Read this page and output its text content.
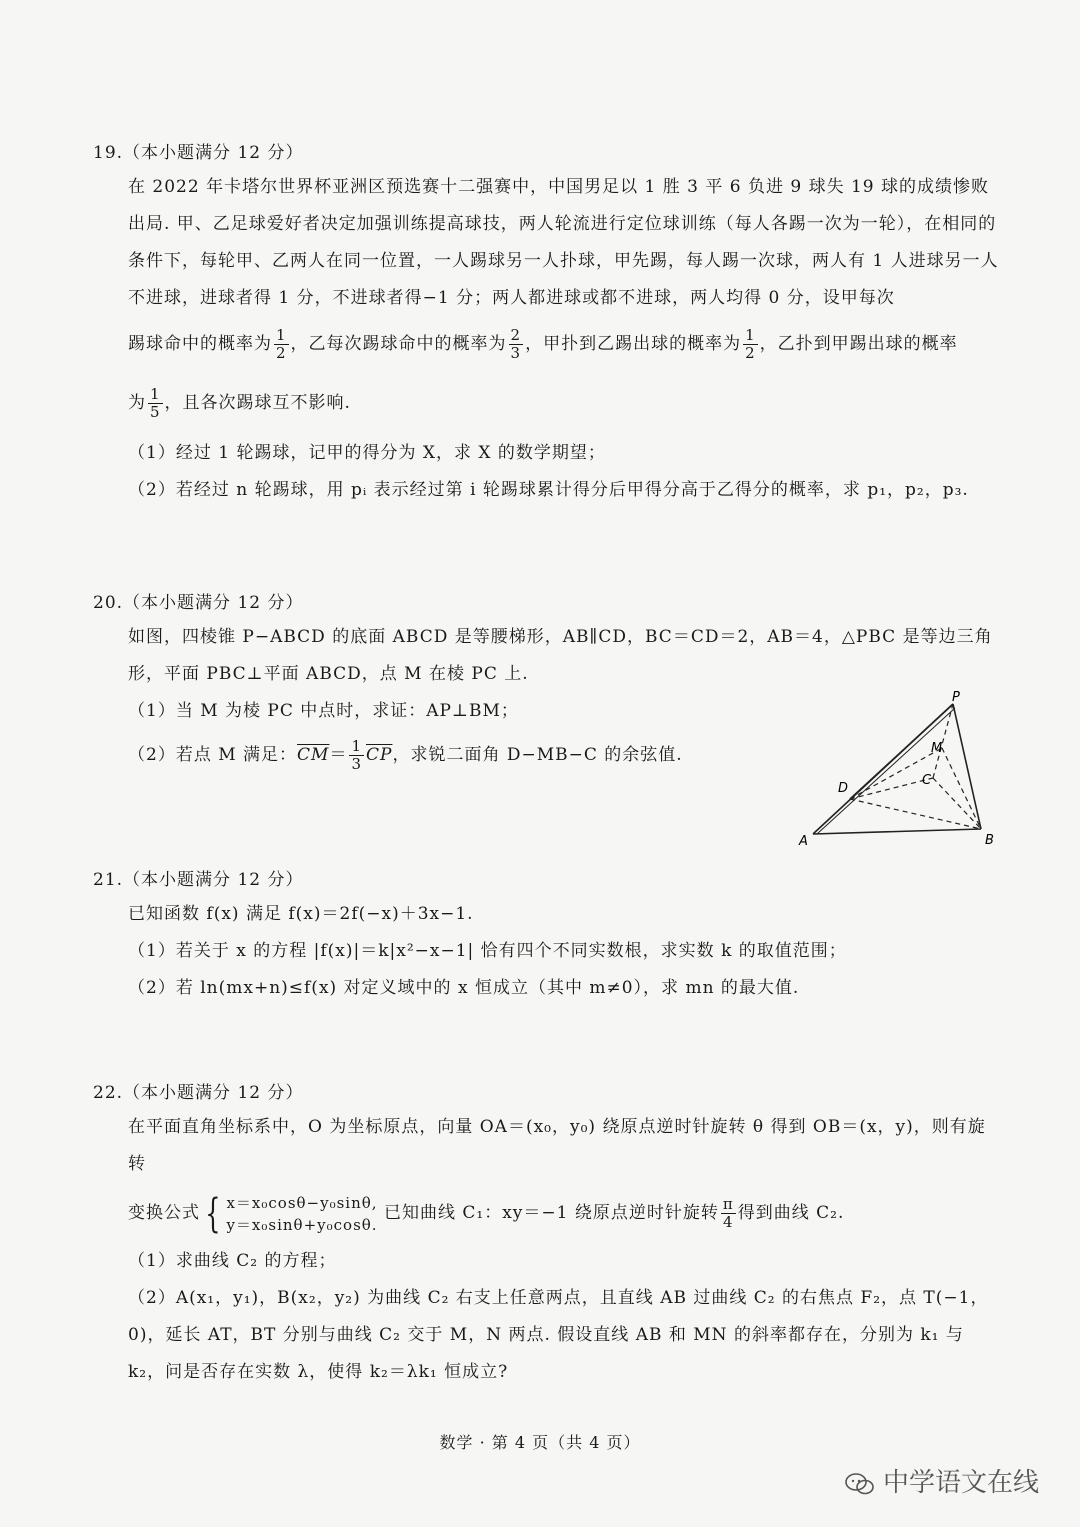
19.（本小题满分 12 分）
在 2022 年卡塔尔世界杯亚洲区预选赛十二强赛中，中国男足以 1 胜 3 平 6 负进 9 球失 19 球的成绩惨败出局. 甲、乙足球爱好者决定加强训练提高球技，两人轮流进行定位球训练（每人各踢一次为一轮），在相同的条件下，每轮甲、乙两人在同一位置，一人踢球另一人扑球，甲先踢，每人踢一次球，两人有 1 人进球另一人不进球，进球者得 1 分，不进球者得−1 分；两人都进球或都不进球，两人均得 0 分，设甲每次
踢球命中的概率为 $\frac{1}{2}$ ，乙每次踢球命中的概率为 $\frac{2}{3}$ ，甲扑到乙踢出球的概率为 $\frac{1}{2}$ ，乙扑到甲踢出球的概率
为 $\frac{1}{5}$ ，且各次踢球互不影响.
（1）经过 1 轮踢球，记甲的得分为 X，求 X 的数学期望；
（2）若经过 n 轮踢球，用 pᵢ 表示经过第 i 轮踢球累计得分后甲得分高于乙得分的概率，求 p₁，p₂，p₃.
20.（本小题满分 12 分）
如图，四棱锥 P−ABCD 的底面 ABCD 是等腰梯形，AB∥CD，BC＝CD＝2，AB＝4，△PBC 是等边三角形，平面 PBC⊥平面 ABCD，点 M 在棱 PC 上.
（1）当 M 为棱 PC 中点时，求证：AP⊥BM；
（2）若点 M 满足：$\overline{CM}= \frac{1}{3} \overline{CP}$，求锐二面角 D−MB−C 的余弦值.
P
M
C
D
A	B
21.（本小题满分 12 分）
已知函数 f(x) 满足 f(x)＝2f(−x)＋3x−1.
（1）若关于 x 的方程 |f(x)|＝k|x²−x−1| 恰有四个不同实数根，求实数 k 的取值范围；
（2）若 ln(mx+n)≤f(x) 对定义域中的 x 恒成立（其中 m≠0），求 mn 的最大值.
22.（本小题满分 12 分）
在平面直角坐标系中，O 为坐标原点，向量 OA＝(x₀，y₀) 绕原点逆时针旋转 θ 得到 OB＝(x，y)，则有旋转
变换公式 { x＝x₀cosθ−y₀sinθ,
y＝x₀sinθ+y₀cosθ.
已知曲线 C₁：xy＝−1 绕原点逆时针旋转 $\frac{\pi}{4}$ 得到曲线 C₂.
（1）求曲线 C₂ 的方程；
（2）A(x₁，y₁)，B(x₂，y₂) 为曲线 C₂ 右支上任意两点，且直线 AB 过曲线 C₂ 的右焦点 F₂，点 T(−1，0)，延长 AT，BT 分别与曲线 C₂ 交于 M，N 两点. 假设直线 AB 和 MN 的斜率都存在，分别为 k₁ 与 k₂，问是否存在实数 λ，使得 k₂＝λk₁ 恒成立?
数学 · 第 4 页（共 4 页）
中学语文在线
